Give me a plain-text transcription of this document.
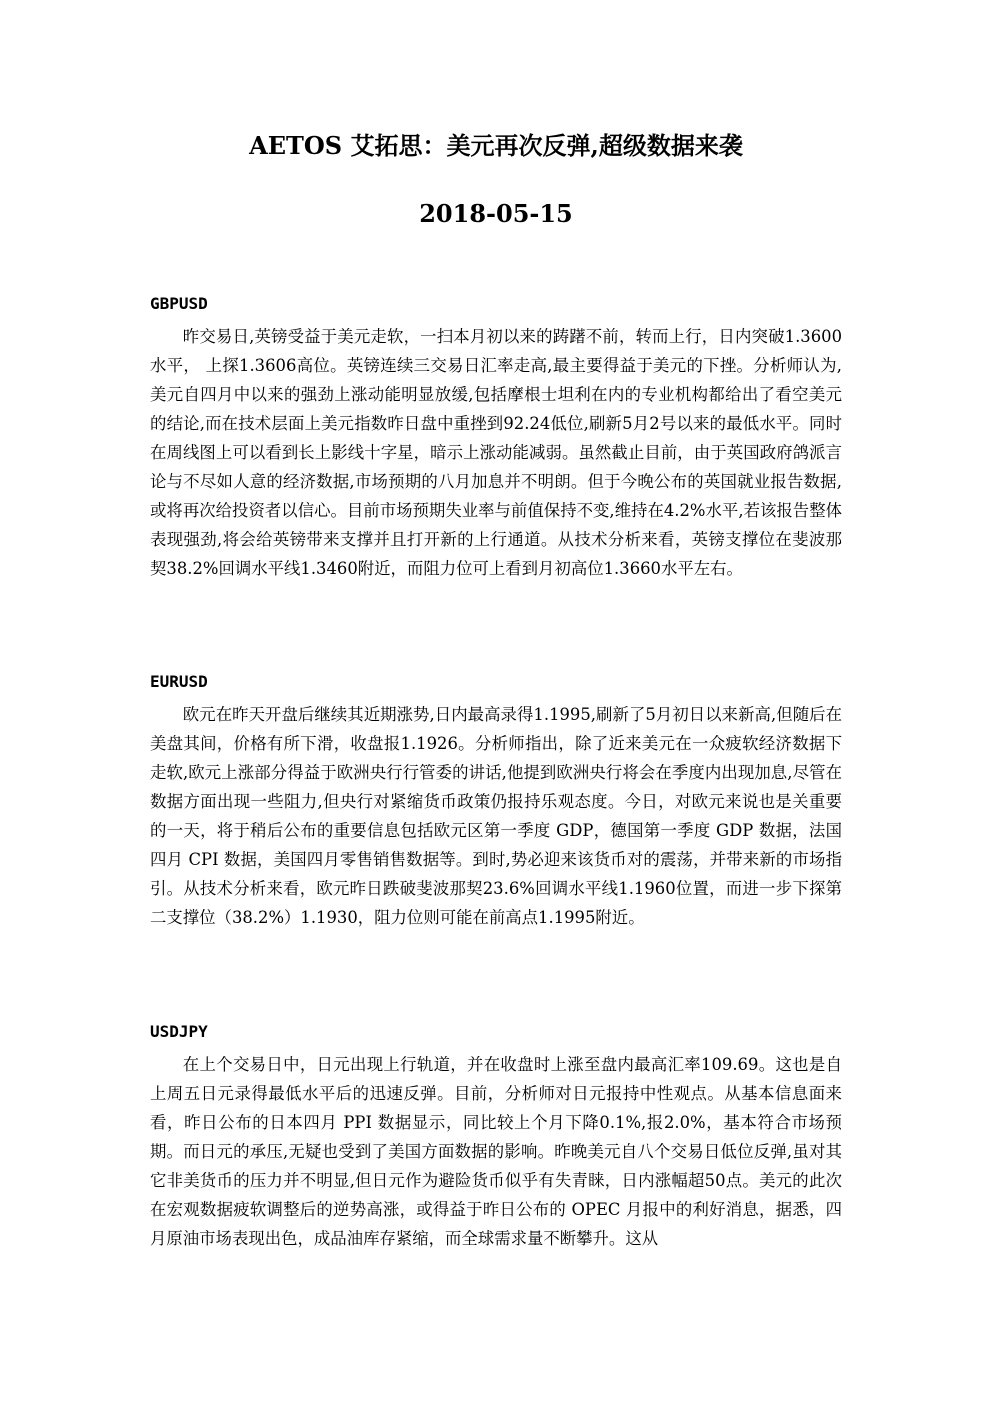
AETOS 艾拓思：美元再次反弹,超级数据来袭
2018-05-15
GBPUSD

昨交易日,英镑受益于美元走软，一扫本月初以来的踌躇不前，转而上行，日内突破1.3600水平， 上探1.3606高位。英镑连续三交易日汇率走高,最主要得益于美元的下挫。分析师认为,美元自四月中以来的强劲上涨动能明显放缓,包括摩根士坦利在内的专业机构都给出了看空美元的结论,而在技术层面上美元指数昨日盘中重挫到92.24低位,刷新5月2号以来的最低水平。同时在周线图上可以看到长上影线十字星，暗示上涨动能减弱。虽然截止目前，由于英国政府鸽派言论与不尽如人意的经济数据,市场预期的八月加息并不明朗。但于今晚公布的英国就业报告数据,或将再次给投资者以信心。目前市场预期失业率与前值保持不变,维持在4.2%水平,若该报告整体表现强劲,将会给英镑带来支撑并且打开新的上行通道。从技术分析来看，英镑支撑位在斐波那契38.2%回调水平线1.3460附近，而阻力位可上看到月初高位1.3660水平左右。

EURUSD

欧元在昨天开盘后继续其近期涨势,日内最高录得1.1995,刷新了5月初日以来新高,但随后在美盘其间，价格有所下滑，收盘报1.1926。分析师指出，除了近来美元在一众疲软经济数据下走软,欧元上涨部分得益于欧洲央行行管委的讲话,他提到欧洲央行将会在季度内出现加息,尽管在数据方面出现一些阻力,但央行对紧缩货币政策仍报持乐观态度。今日，对欧元来说也是关重要的一天，将于稍后公布的重要信息包括欧元区第一季度 GDP，德国第一季度 GDP 数据，法国四月 CPI 数据，美国四月零售销售数据等。到时,势必迎来该货币对的震荡，并带来新的市场指引。从技术分析来看，欧元昨日跌破斐波那契23.6%回调水平线1.1960位置，而进一步下探第二支撑位（38.2%）1.1930，阻力位则可能在前高点1.1995附近。

USDJPY

在上个交易日中，日元出现上行轨道，并在收盘时上涨至盘内最高汇率109.69。这也是自上周五日元录得最低水平后的迅速反弹。目前，分析师对日元报持中性观点。从基本信息面来看，昨日公布的日本四月 PPI 数据显示，同比较上个月下降0.1%,报2.0%，基本符合市场预期。而日元的承压,无疑也受到了美国方面数据的影响。昨晚美元自八个交易日低位反弹,虽对其它非美货币的压力并不明显,但日元作为避险货币似乎有失青睐，日内涨幅超50点。美元的此次在宏观数据疲软调整后的逆势高涨，或得益于昨日公布的 OPEC 月报中的利好消息，据悉，四月原油市场表现出色，成品油库存紧缩，而全球需求量不断攀升。这从
